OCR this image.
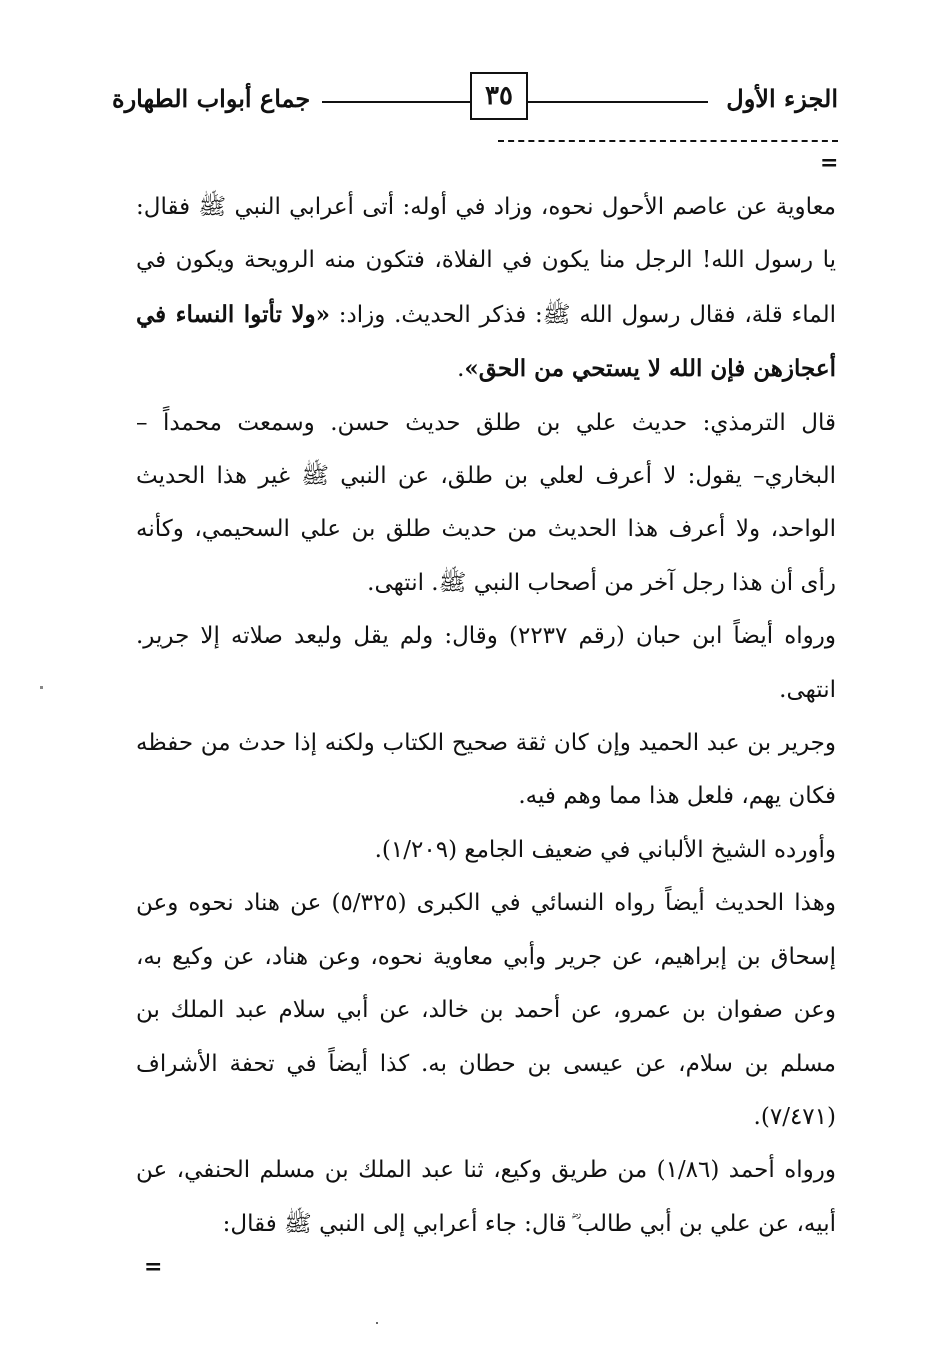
الجزء الأول
٣٥
جماع أبواب الطهارة
=

معاوية عن عاصم الأحول نحوه، وزاد في أوله: أتى أعرابي النبي ﷺ فقال: يا رسول الله! الرجل منا يكون في الفلاة، فتكون منه الرويحة ويكون في الماء قلة، فقال رسول الله ﷺ: فذكر الحديث. وزاد: «ولا تأتوا النساء في أعجازهن فإن الله لا يستحي من الحق».

قال الترمذي: حديث علي بن طلق حديث حسن. وسمعت محمداً – البخاري– يقول: لا أعرف لعلي بن طلق، عن النبي ﷺ غير هذا الحديث الواحد، ولا أعرف هذا الحديث من حديث طلق بن علي السحيمي، وكأنه رأى أن هذا رجل آخر من أصحاب النبي ﷺ. انتهى.

ورواه أيضاً ابن حبان (رقم ٢٢٣٧) وقال: ولم يقل وليعد صلاته إلا جرير. انتهى.

وجرير بن عبد الحميد وإن كان ثقة صحيح الكتاب ولكنه إذا حدث من حفظه فكان يهم، فلعل هذا مما وهم فيه.

وأورده الشيخ الألباني في ضعيف الجامع (١/٢٠٩).

وهذا الحديث أيضاً رواه النسائي في الكبرى (٥/٣٢٥) عن هناد نحوه وعن إسحاق بن إبراهيم، عن جرير وأبي معاوية نحوه، وعن هناد، عن وكيع به، وعن صفوان بن عمرو، عن أحمد بن خالد، عن أبي سلام عبد الملك بن مسلم بن سلام، عن عيسى بن حطان به. كذا أيضاً في تحفة الأشراف (٧/٤٧١).

ورواه أحمد (١/٨٦) من طريق وكيع، ثنا عبد الملك بن مسلم الحنفي، عن أبيه، عن علي بن أبي طالب ؓ قال: جاء أعرابي إلى النبي ﷺ فقال:

=
